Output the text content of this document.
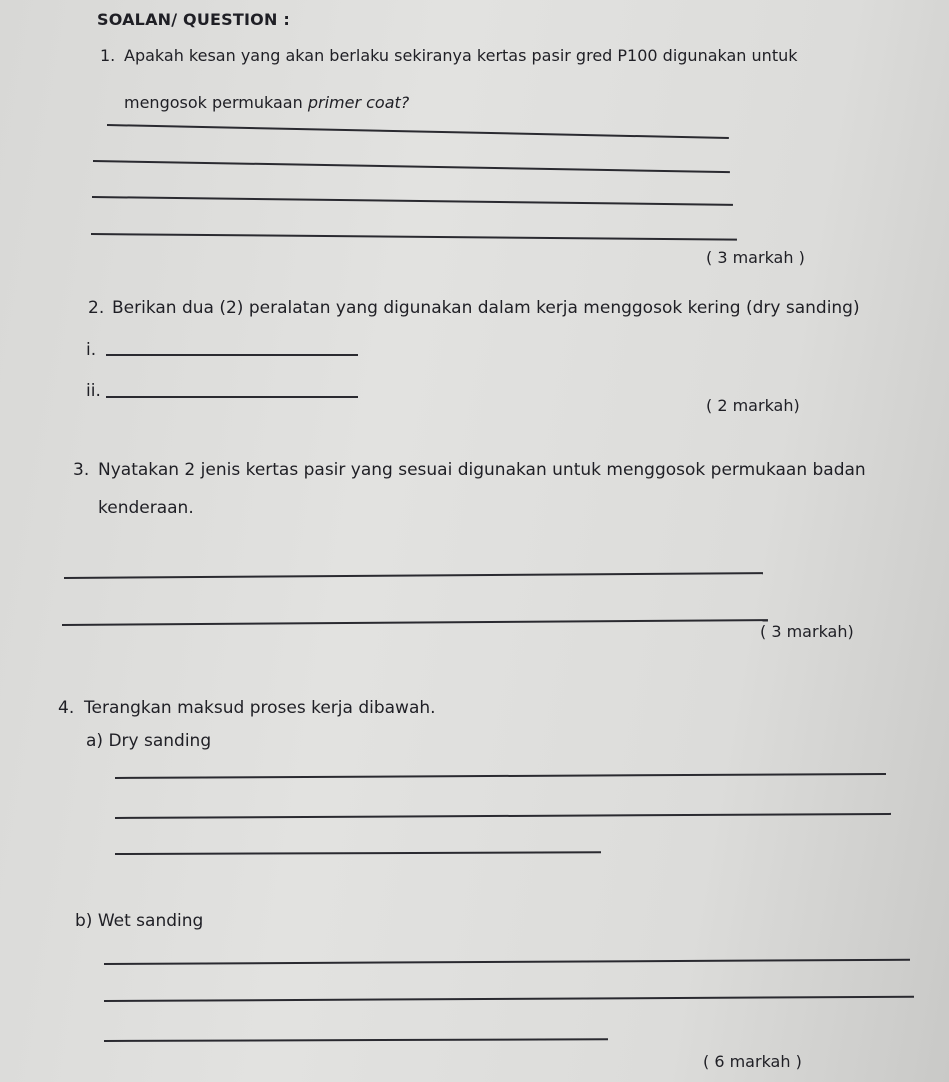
SOALAN/ QUESTION :
1. Apakah kesan yang akan berlaku sekiranya kertas pasir gred P100 digunakan untuk
mengosok permukaan primer coat?
( 3 markah )
2. Berikan dua (2) peralatan yang digunakan dalam kerja menggosok kering (dry sanding)
i.
ii.
( 2 markah)
3. Nyatakan 2 jenis kertas pasir yang sesuai digunakan untuk menggosok permukaan badan
kenderaan.
( 3 markah)
4. Terangkan maksud proses kerja dibawah.
a) Dry sanding
b) Wet sanding
( 6 markah )
